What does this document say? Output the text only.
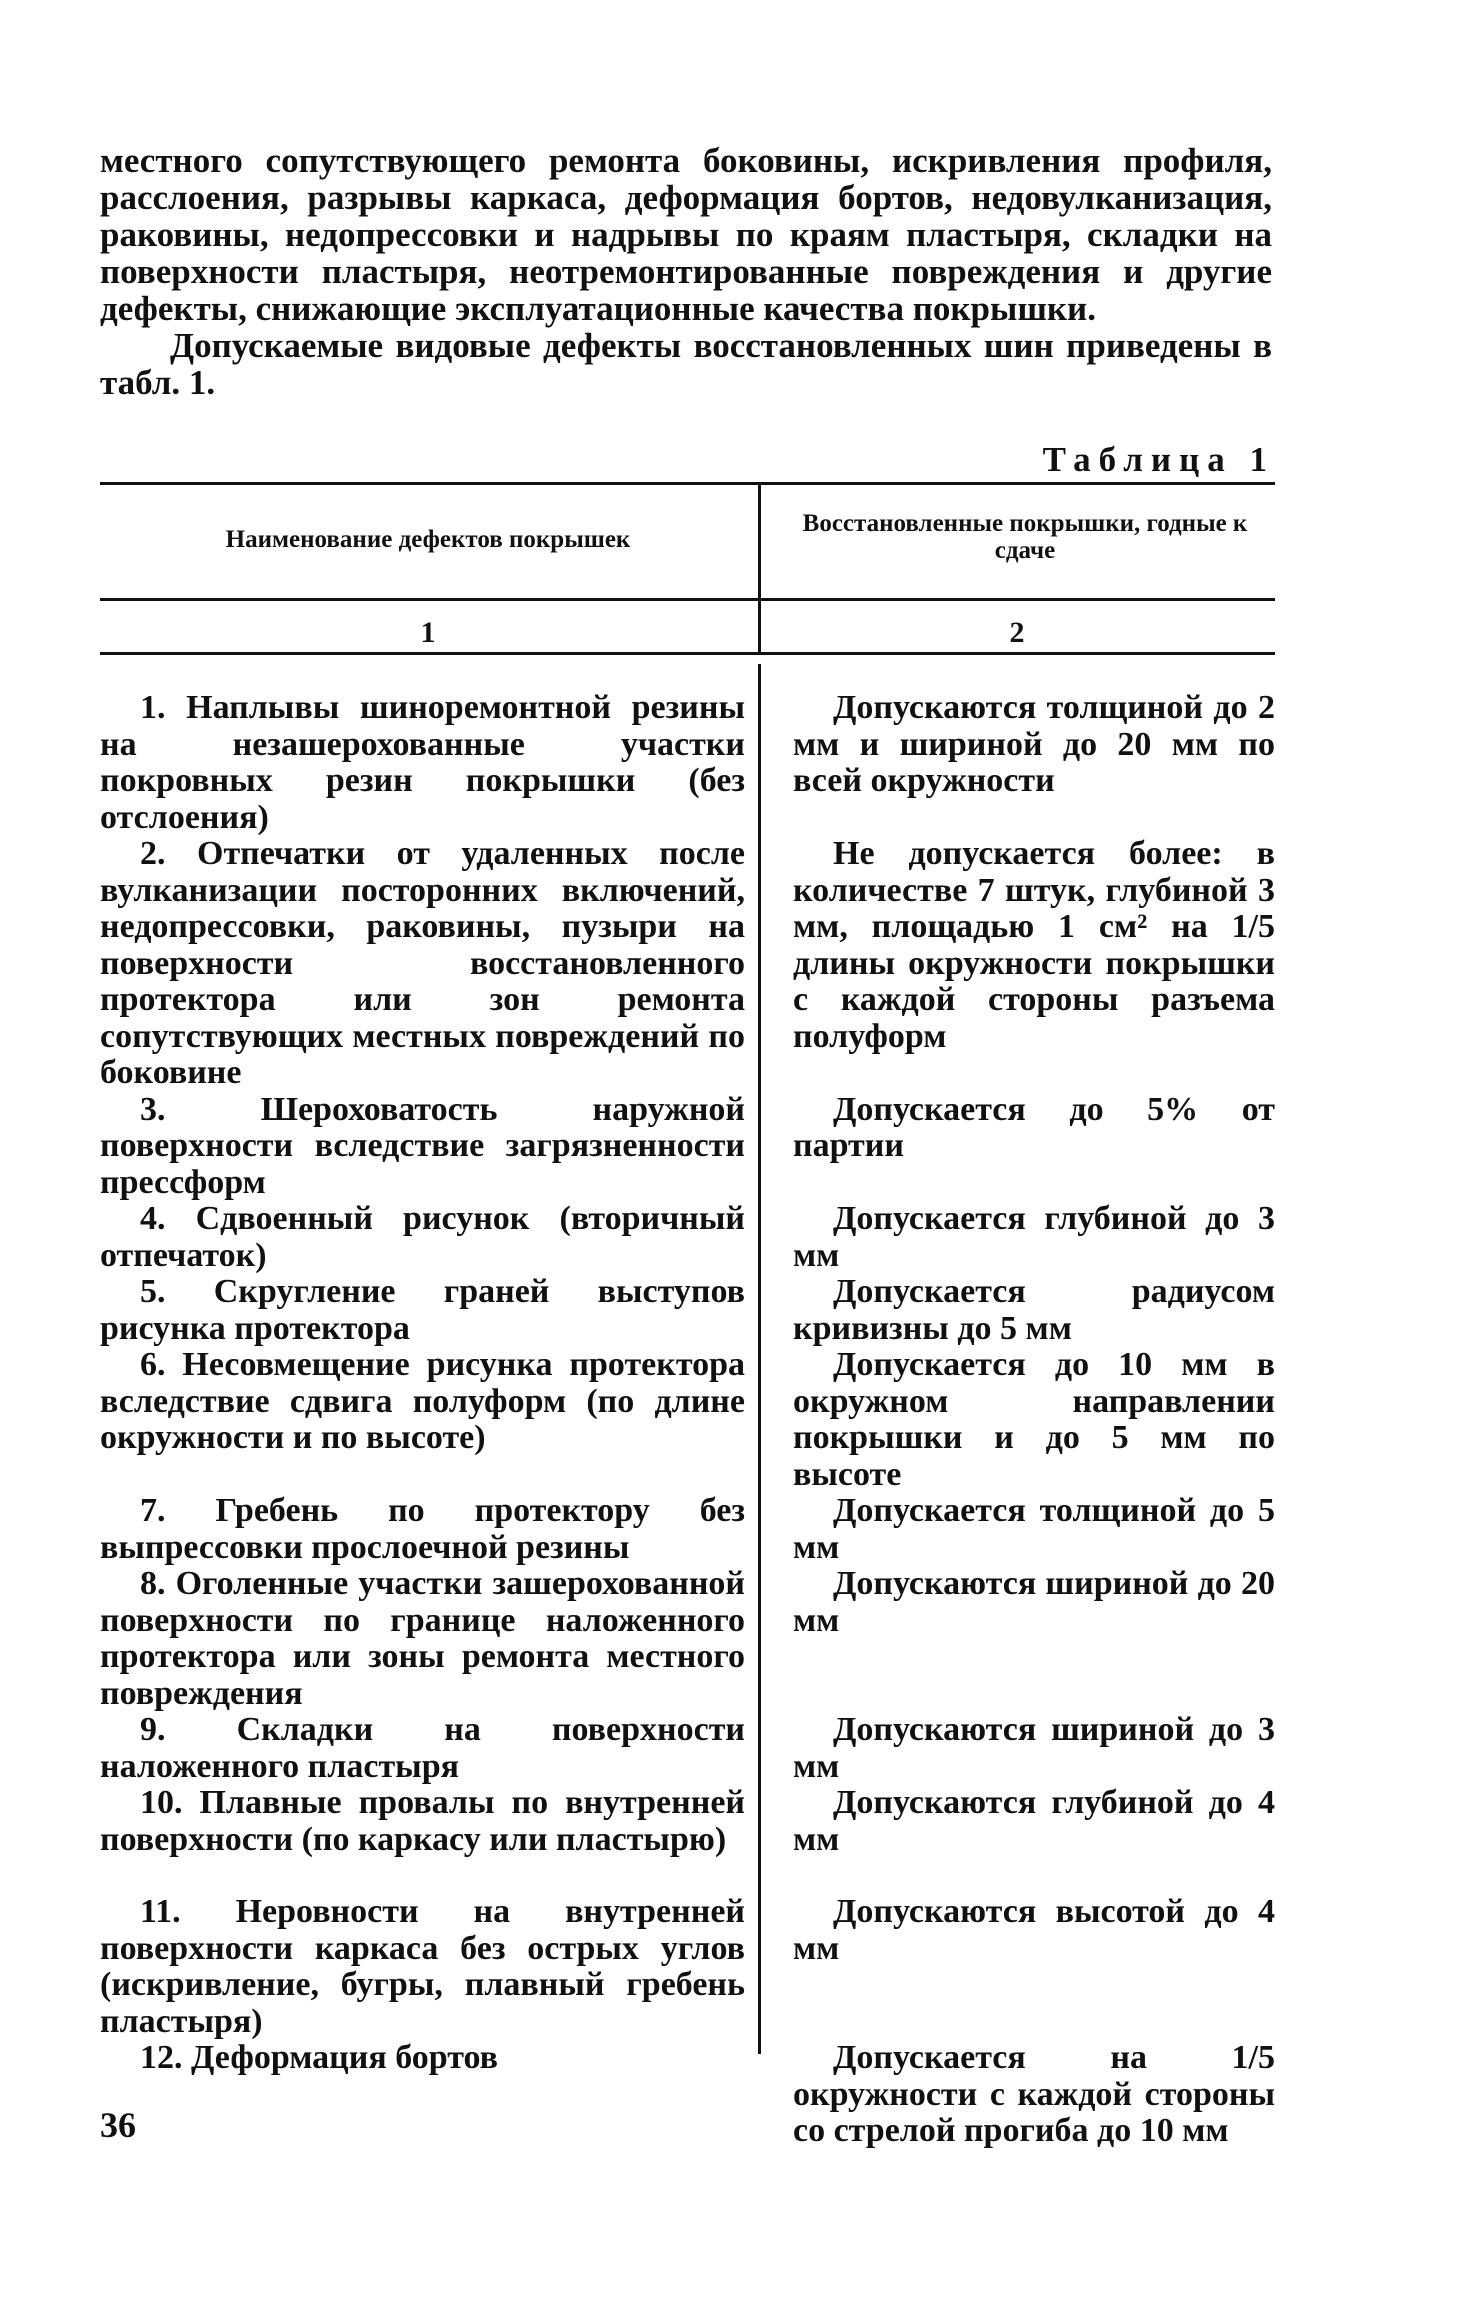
местного сопутствующего ремонта боковины, искривления профиля, расслоения, разрывы каркаса, деформация бортов, недовулканизация, раковины, недопрессовки и надрывы по краям пластыря, складки на поверхности пластыря, неотремонтированные повреждения и другие дефекты, снижающие эксплуатационные качества покрышки.

Допускаемые видовые дефекты восстановленных шин приведены в табл. 1.

Таблица 1
Наименование дефектов покрышек
Восстановленные покрышки, годные к сдаче
1	2
1. Наплывы шиноремонтной резины на незашерохованные участки покровных резин покрышки (без отслоения)
Допускаются толщиной до 2 мм и шириной до 20 мм по всей окружности
2. Отпечатки от удаленных после вулканизации посторонних включений, недопрессовки, раковины, пузыри на поверхности восстановленного протектора или зон ремонта сопутствующих местных повреждений по боковине
Не допускается более: в количестве 7 штук, глубиной 3 мм, площадью 1 см² на 1/5 длины окружности покрышки с каждой стороны разъема полуформ
3. Шероховатость наружной поверхности вследствие загрязненности прессформ
Допускается до 5% от партии
4. Сдвоенный рисунок (вторичный отпечаток)
Допускается глубиной до 3 мм
5. Скругление граней выступов рисунка протектора
Допускается радиусом кривизны до 5 мм
6. Несовмещение рисунка протектора вследствие сдвига полуформ (по длине окружности и по высоте)
Допускается до 10 мм в окружном направлении покрышки и до 5 мм по высоте
7. Гребень по протектору без выпрессовки прослоечной резины
Допускается толщиной до 5 мм
8. Оголенные участки зашерохованной поверхности по границе наложенного протектора или зоны ремонта местного повреждения
Допускаются шириной до 20 мм
9. Складки на поверхности наложенного пластыря
Допускаются шириной до 3 мм
10. Плавные провалы по внутренней поверхности (по каркасу или пластырю)
Допускаются глубиной до 4 мм
11. Неровности на внутренней поверхности каркаса без острых углов (искривление, бугры, плавный гребень пластыря)
Допускаются высотой до 4 мм
12. Деформация бортов	Допускается на 1/5 окружности с каждой стороны со стрелой прогиба до 10 мм
36
